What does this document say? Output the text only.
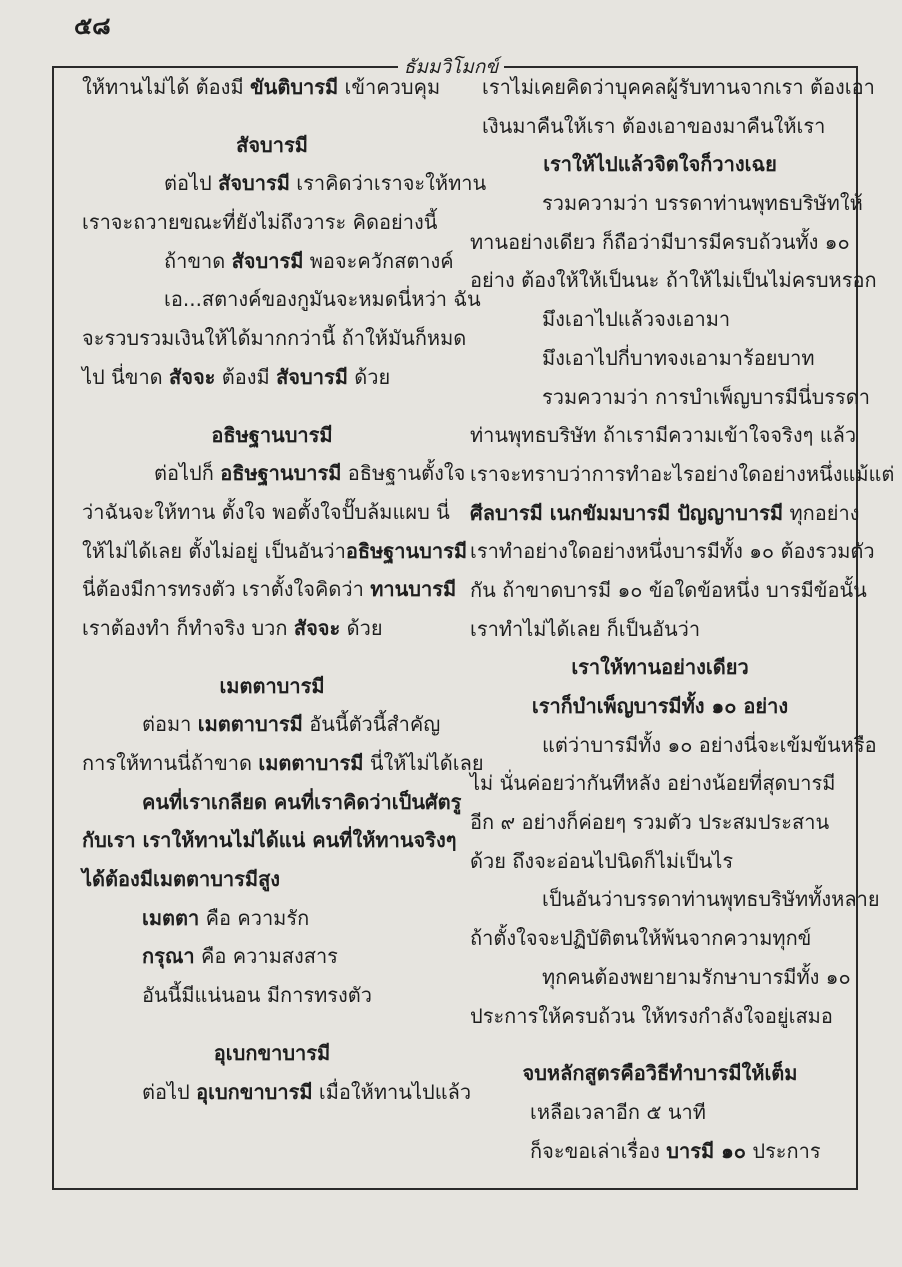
๕๘
ธัมมวิโมกข์
ให้ทานไม่ได้ ต้องมี ขันติบารมี เข้าควบคุม
สัจบารมี
ต่อไป สัจบารมี เราคิดว่าเราจะให้ทาน
เราจะถวายขณะที่ยังไม่ถึงวาระ คิดอย่างนี้
ถ้าขาด สัจบารมี พอจะควักสตางค์
เอ...สตางค์ของกูมันจะหมดนี่หว่า ฉัน
จะรวบรวมเงินให้ได้มากกว่านี้ ถ้าให้มันก็หมด
ไป นี่ขาด สัจจะ ต้องมี สัจบารมี ด้วย
อธิษฐานบารมี
ต่อไปก็ อธิษฐานบารมี อธิษฐานตั้งใจ
ว่าฉันจะให้ทาน ตั้งใจ พอตั้งใจปั๊บล้มแผบ นี่
ให้ไม่ได้เลย ตั้งไม่อยู่ เป็นอันว่าอธิษฐานบารมี
นี่ต้องมีการทรงตัว เราตั้งใจคิดว่า ทานบารมี
เราต้องทำ ก็ทำจริง บวก สัจจะ ด้วย
เมตตาบารมี
ต่อมา เมตตาบารมี อันนี้ตัวนี้สำคัญ
การให้ทานนี่ถ้าขาด เมตตาบารมี นี่ให้ไม่ได้เลย
คนที่เราเกลียด คนที่เราคิดว่าเป็นศัตรู
กับเรา เราให้ทานไม่ได้แน่ คนที่ให้ทานจริงๆ
ได้ต้องมีเมตตาบารมีสูง
เมตตา คือ ความรัก
กรุณา คือ ความสงสาร
อันนี้มีแน่นอน มีการทรงตัว
อุเบกขาบารมี
ต่อไป อุเบกขาบารมี เมื่อให้ทานไปแล้ว
เราไม่เคยคิดว่าบุคคลผู้รับทานจากเรา ต้องเอา
เงินมาคืนให้เรา ต้องเอาของมาคืนให้เรา
เราให้ไปแล้วจิตใจก็วางเฉย
รวมความว่า บรรดาท่านพุทธบริษัทให้
ทานอย่างเดียว ก็ถือว่ามีบารมีครบถ้วนทั้ง ๑๐
อย่าง ต้องให้ให้เป็นนะ ถ้าให้ไม่เป็นไม่ครบหรอก
มึงเอาไปแล้วจงเอามา
มึงเอาไปกี่บาทจงเอามาร้อยบาท
รวมความว่า การบำเพ็ญบารมีนี่บรรดา
ท่านพุทธบริษัท ถ้าเรามีความเข้าใจจริงๆ แล้ว
เราจะทราบว่าการทำอะไรอย่างใดอย่างหนึ่งแม้แต่
ศีลบารมี เนกขัมมบารมี ปัญญาบารมี ทุกอย่าง
เราทำอย่างใดอย่างหนึ่งบารมีทั้ง ๑๐ ต้องรวมตัว
กัน ถ้าขาดบารมี ๑๐ ข้อใดข้อหนึ่ง บารมีข้อนั้น
เราทำไม่ได้เลย ก็เป็นอันว่า
เราให้ทานอย่างเดียว
เราก็บำเพ็ญบารมีทั้ง ๑๐ อย่าง
แต่ว่าบารมีทั้ง ๑๐ อย่างนี่จะเข้มข้นหรือ
ไม่ นั่นค่อยว่ากันทีหลัง อย่างน้อยที่สุดบารมี
อีก ๙ อย่างก็ค่อยๆ รวมตัว ประสมประสาน
ด้วย ถึงจะอ่อนไปนิดก็ไม่เป็นไร
เป็นอันว่าบรรดาท่านพุทธบริษัททั้งหลาย
ถ้าตั้งใจจะปฏิบัติตนให้พ้นจากความทุกข์
ทุกคนต้องพยายามรักษาบารมีทั้ง ๑๐
ประการให้ครบถ้วน ให้ทรงกำลังใจอยู่เสมอ
จบหลักสูตรคือวิธีทำบารมีให้เต็ม
เหลือเวลาอีก ๕ นาที
ก็จะขอเล่าเรื่อง บารมี ๑๐ ประการ
